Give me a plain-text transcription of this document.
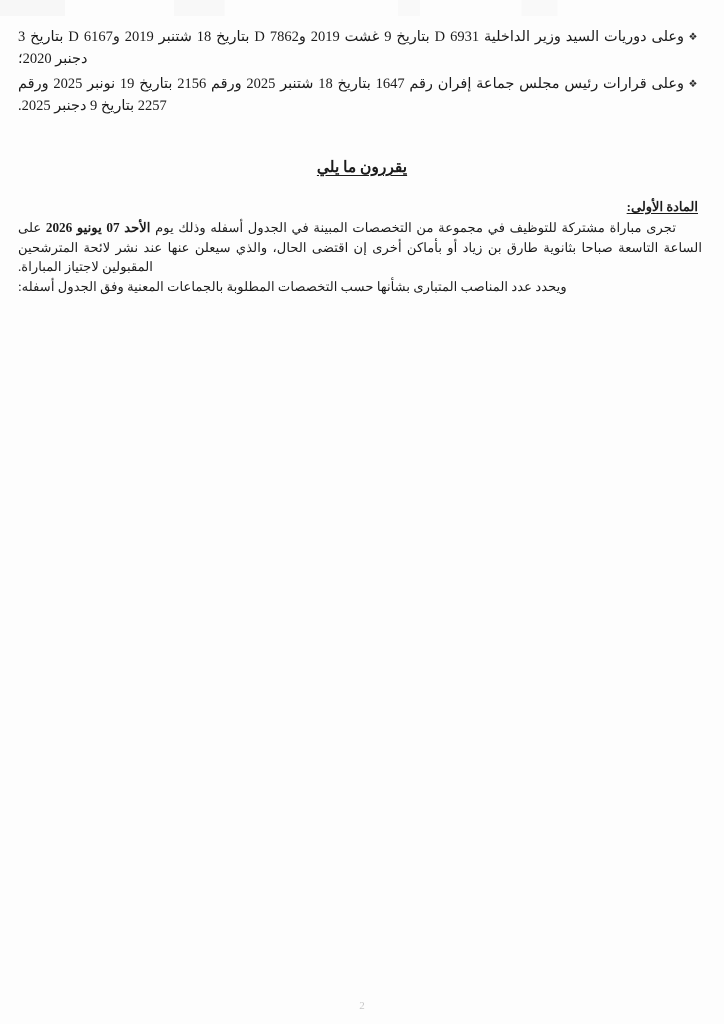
❖
وعلى دوريات السيد وزير الداخلية 6931 D بتاريخ 9 غشت 2019 و7862 D بتاريخ 18 شتنبر 2019 و6167 D بتاريخ 3 دجنبر 2020؛
❖
وعلى قرارات رئيس مجلس جماعة إفران رقم 1647 بتاريخ 18 شتنبر 2025 ورقم 2156 بتاريخ 19 نونبر 2025 ورقم 2257 بتاريخ 9 دجنبر 2025.
يقررون ما يلي
المادة الأولى:
تجرى مباراة مشتركة للتوظيف في مجموعة من التخصصات المبينة في الجدول أسفله وذلك يوم الأحد 07 يونيو 2026 على الساعة التاسعة صباحا بثانوية طارق بن زياد أو بأماكن أخرى إن اقتضى الحال، والذي سيعلن عنها عند نشر لائحة المترشحين المقبولين لاجتياز المباراة.
ويحدد عدد المناصب المتبارى بشأنها حسب التخصصات المطلوبة بالجماعات المعنية وفق الجدول أسفله:
2
